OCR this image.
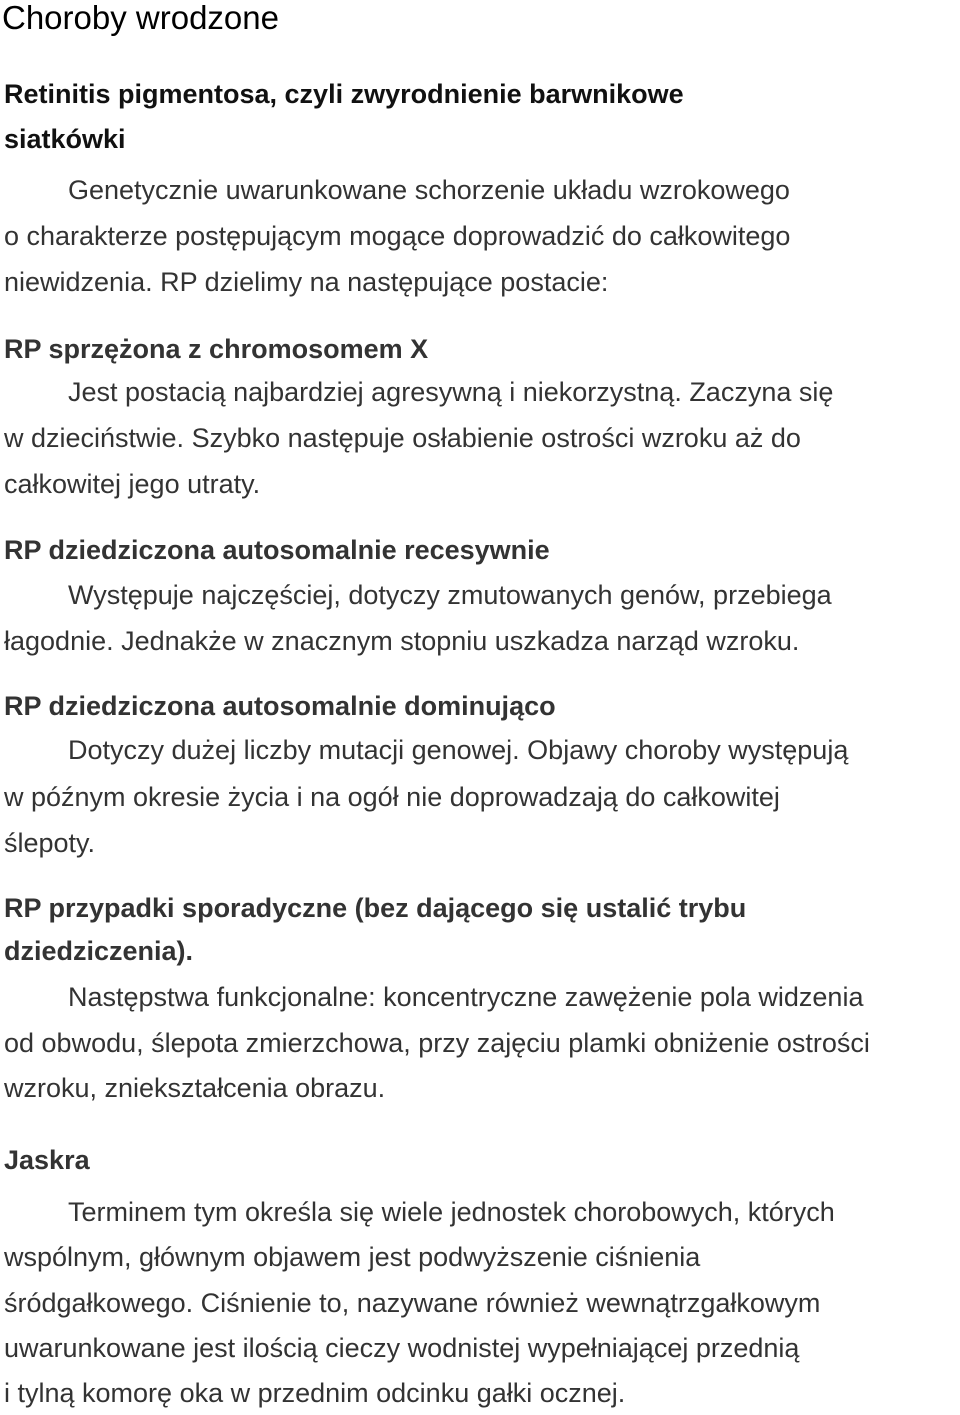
Choroby wrodzone

Retinitis pigmentosa, czyli zwyrodnienie barwnikowe

siatkówki

Genetycznie uwarunkowane schorzenie układu wzrokowego

o charakterze postępującym mogące doprowadzić do całkowitego

niewidzenia. RP dzielimy na następujące postacie:

RP sprzężona z chromosomem X

Jest postacią najbardziej agresywną i niekorzystną. Zaczyna się

w dzieciństwie. Szybko następuje osłabienie ostrości wzroku aż do

całkowitej jego utraty.

RP dziedziczona autosomalnie recesywnie

Występuje najczęściej, dotyczy zmutowanych genów, przebiega

łagodnie. Jednakże w znacznym stopniu uszkadza narząd wzroku.

RP dziedziczona autosomalnie dominująco

Dotyczy dużej liczby mutacji genowej. Objawy choroby występują

w późnym okresie życia i na ogół nie doprowadzają do całkowitej

ślepoty.

RP przypadki sporadyczne (bez dającego się ustalić trybu

dziedziczenia).

Następstwa funkcjonalne: koncentryczne zawężenie pola widzenia

od obwodu, ślepota zmierzchowa, przy zajęciu plamki obniżenie ostrości

wzroku, zniekształcenia obrazu.

Jaskra

Terminem tym określa się wiele jednostek chorobowych, których

wspólnym, głównym objawem jest podwyższenie ciśnienia

śródgałkowego. Ciśnienie to, nazywane również wewnątrzgałkowym

uwarunkowane jest ilością cieczy wodnistej wypełniającej przednią

i tylną komorę oka w przednim odcinku gałki ocznej.
